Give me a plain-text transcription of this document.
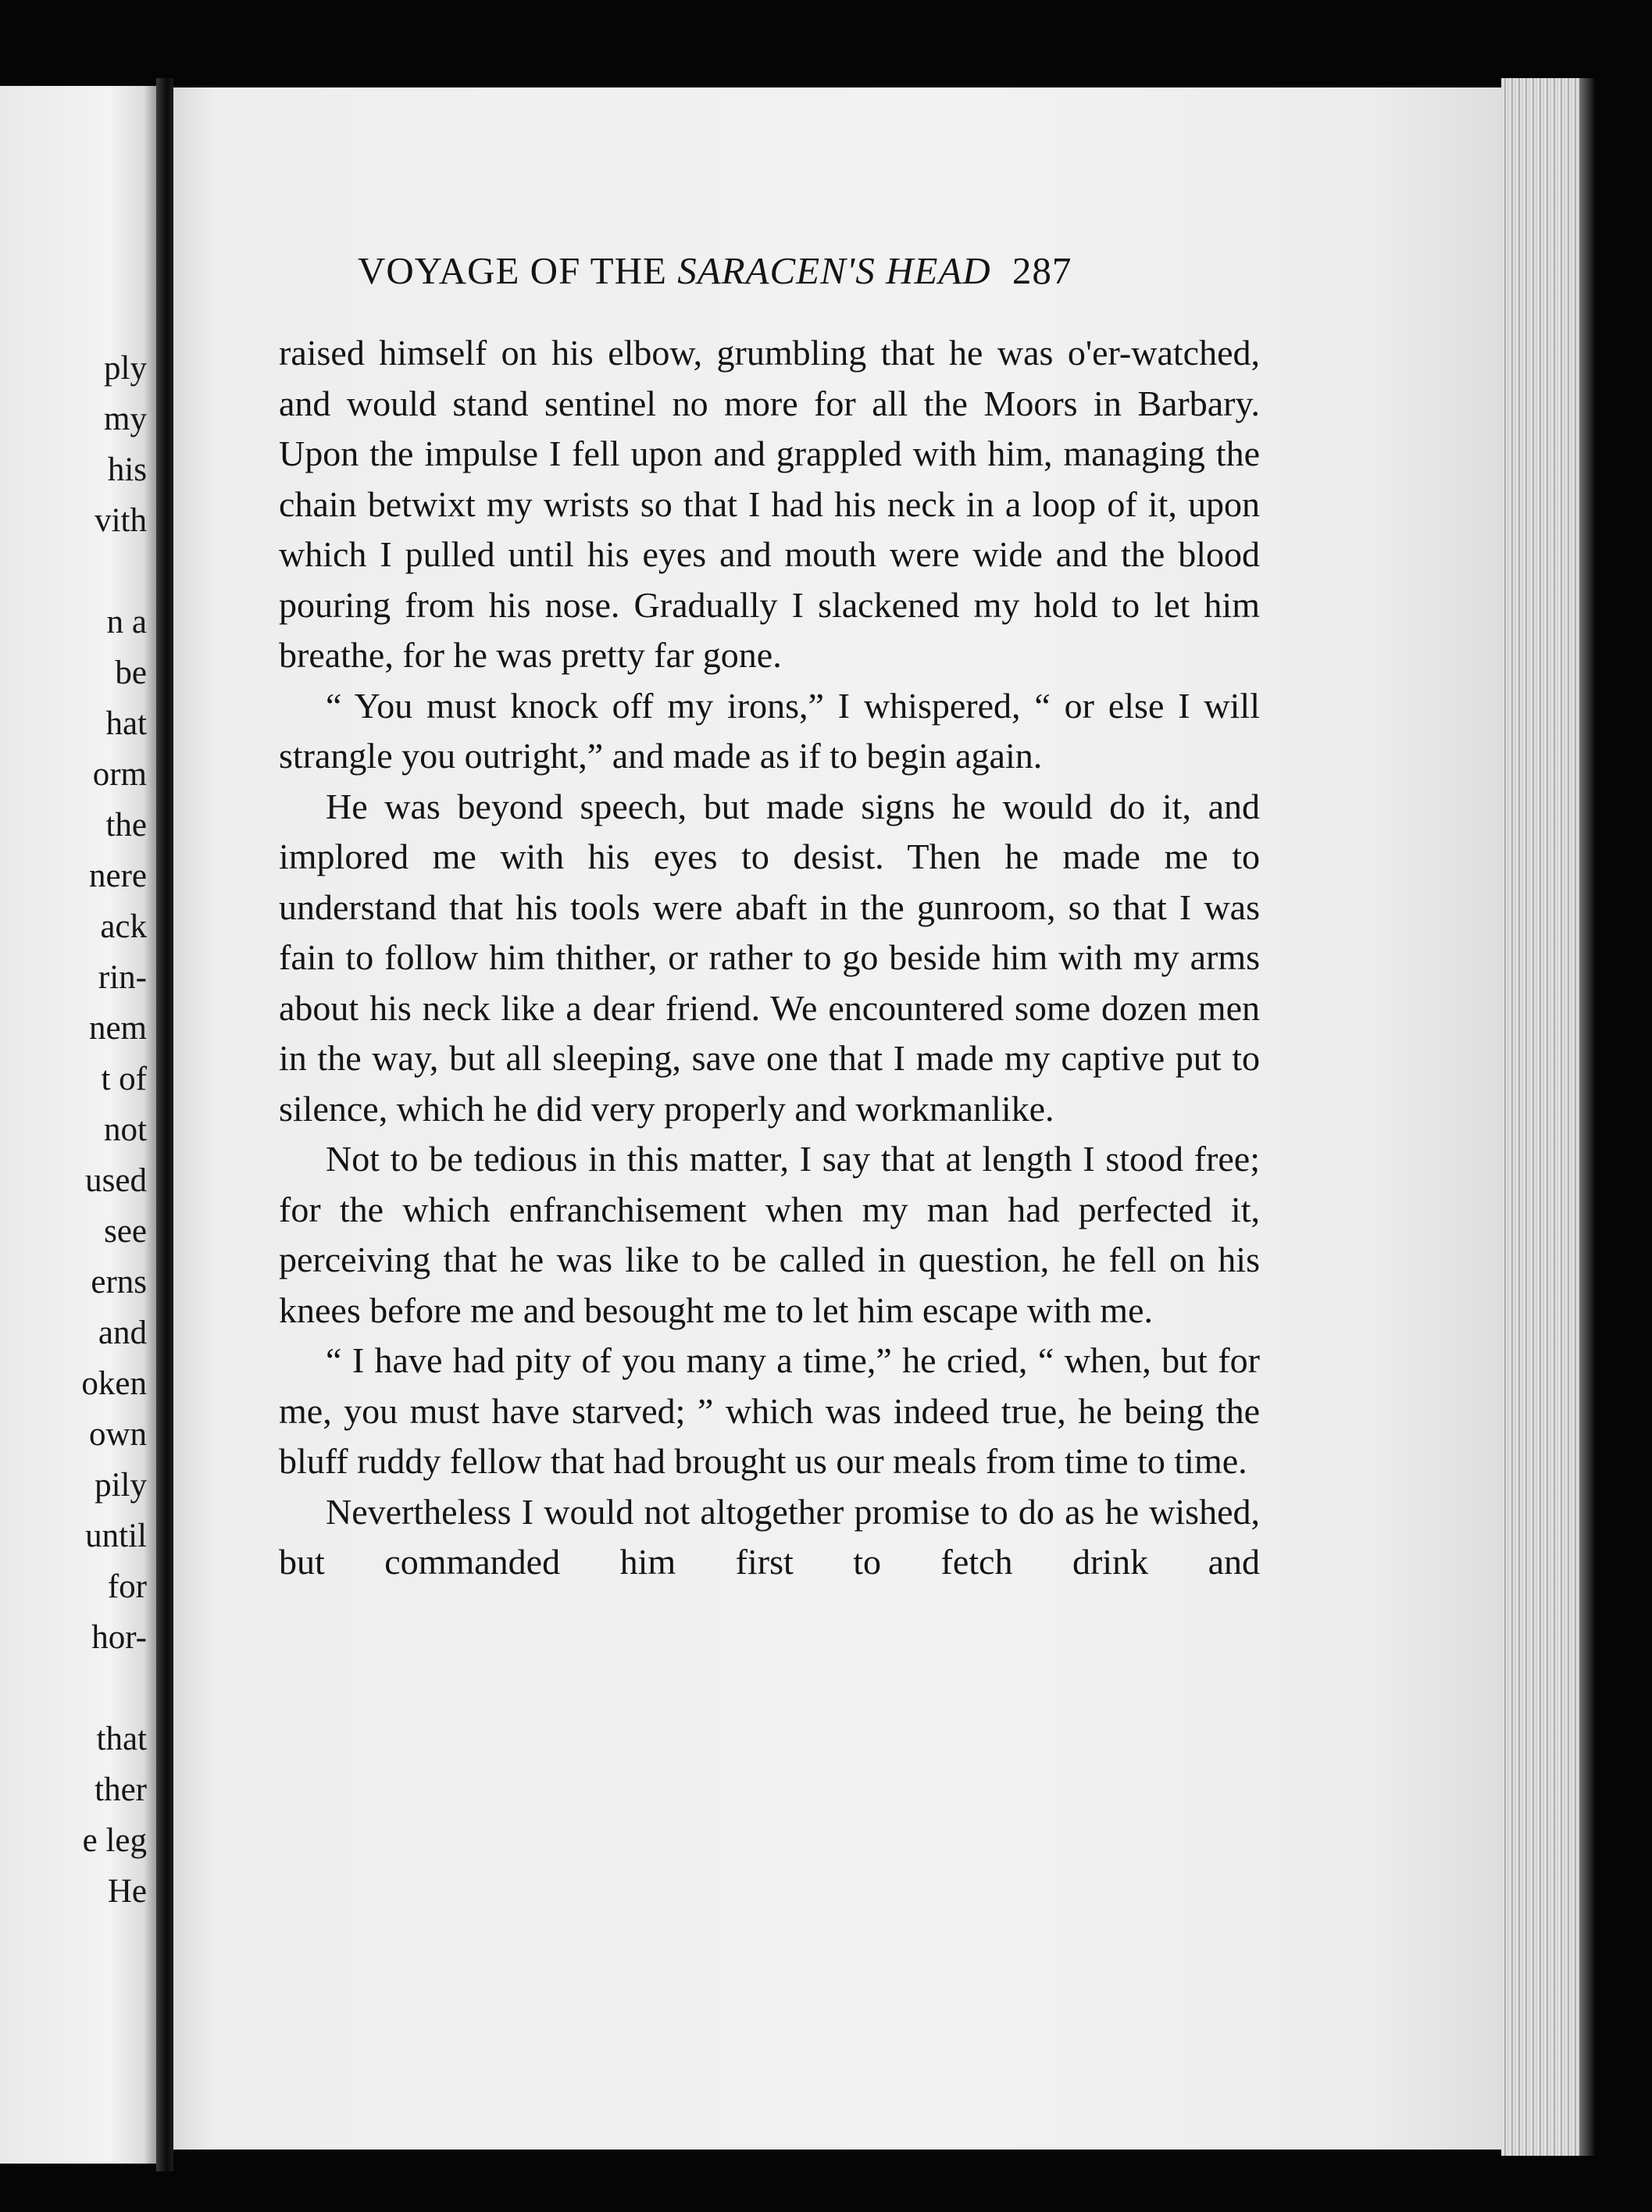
ply
my
his
vith
n a
be
hat
orm
the
nere
ack
rin-
nem
t of
not
used
see
erns
and
oken
own
pily
until
for
hor-
that
ther
e leg
He
VOYAGE OF THE SARACEN'S HEAD 287

raised himself on his elbow, grumbling that he was o'er-watched, and would stand sentinel no more for all the Moors in Barbary. Upon the impulse I fell upon and grappled with him, managing the chain betwixt my wrists so that I had his neck in a loop of it, upon which I pulled until his eyes and mouth were wide and the blood pouring from his nose. Gradually I slackened my hold to let him breathe, for he was pretty far gone.

“ You must knock off my irons,” I whispered, “ or else I will strangle you outright,” and made as if to begin again.

He was beyond speech, but made signs he would do it, and implored me with his eyes to desist. Then he made me to understand that his tools were abaft in the gunroom, so that I was fain to follow him thither, or rather to go beside him with my arms about his neck like a dear friend. We encountered some dozen men in the way, but all sleeping, save one that I made my captive put to silence, which he did very properly and workmanlike.

Not to be tedious in this matter, I say that at length I stood free; for the which enfranchisement when my man had perfected it, perceiving that he was like to be called in question, he fell on his knees before me and besought me to let him escape with me.

“ I have had pity of you many a time,” he cried, “ when, but for me, you must have starved; ” which was indeed true, he being the bluff ruddy fellow that had brought us our meals from time to time.

Nevertheless I would not altogether promise to do as he wished, but commanded him first to fetch drink and
